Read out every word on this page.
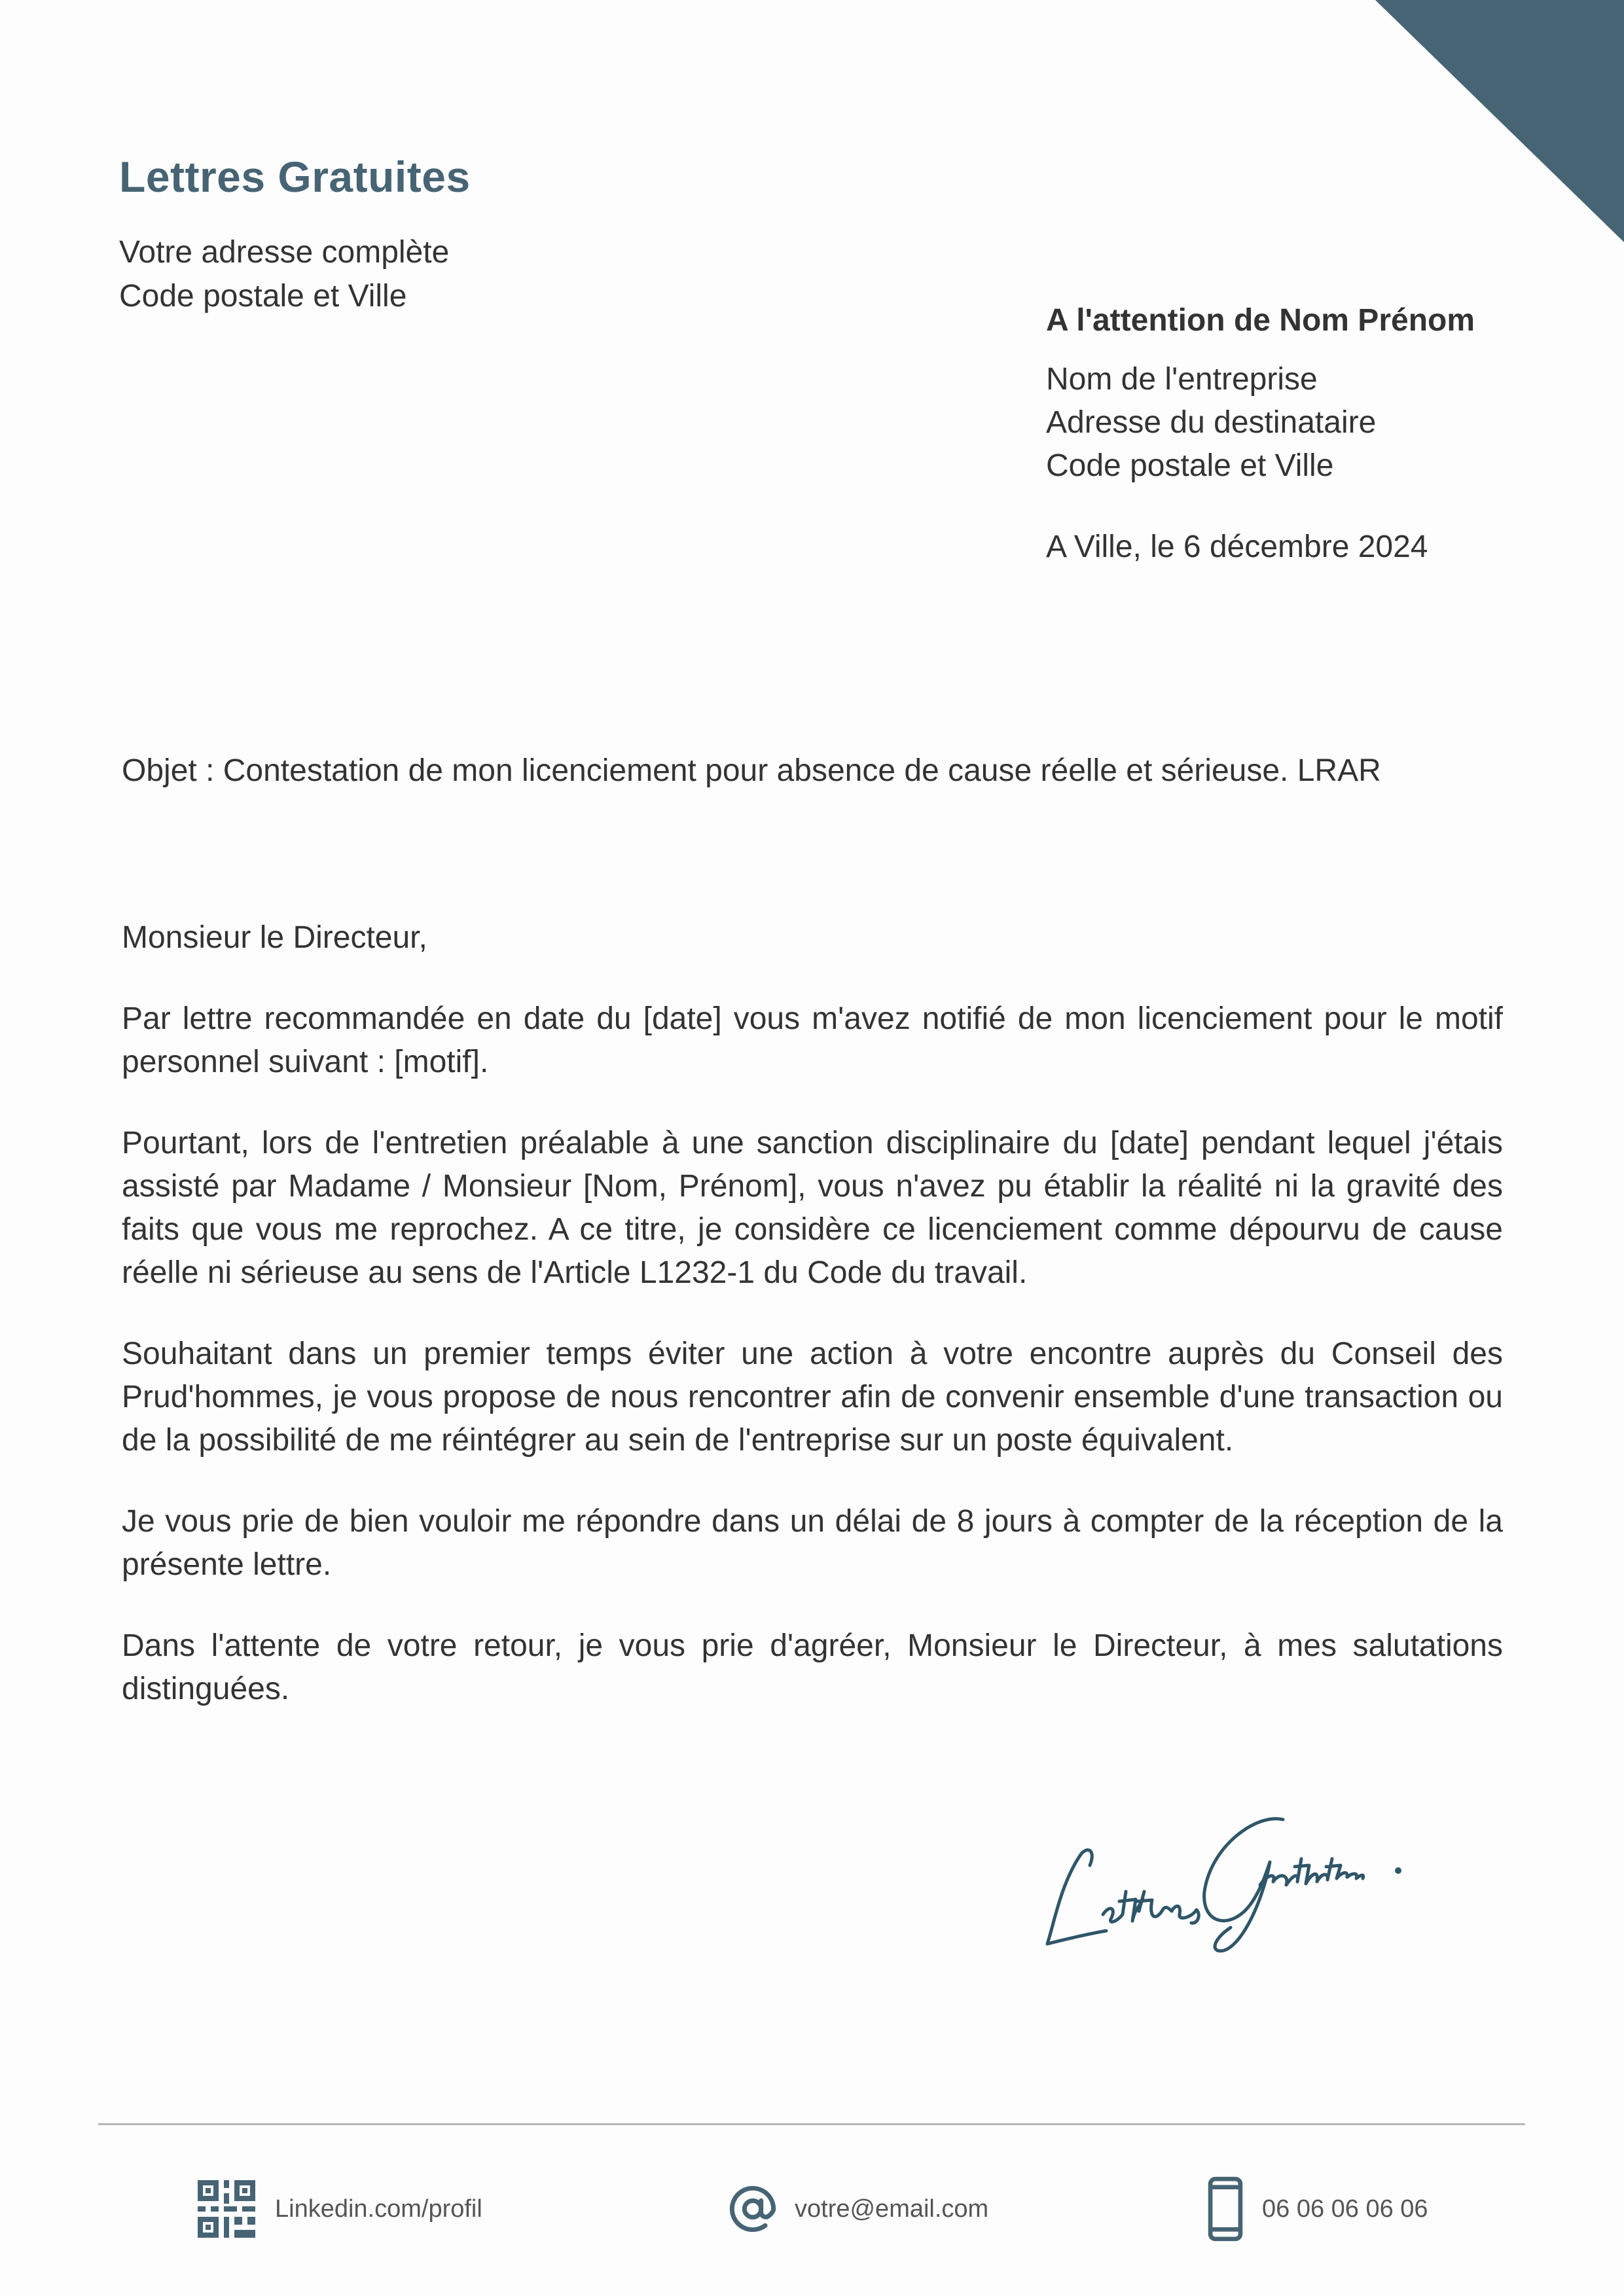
Lettres Gratuites
Votre adresse complète
Code postale et Ville
A l'attention de Nom Prénom
Nom de l'entreprise
Adresse du destinataire
Code postale et Ville
A Ville, le 6 décembre 2024
Objet : Contestation de mon licenciement pour absence de cause réelle et sérieuse. LRAR

Monsieur le Directeur,

Par lettre recommandée en date du [date] vous m'avez notifié de mon licenciement pour le motif personnel suivant : [motif].

Pourtant, lors de l'entretien préalable à une sanction disciplinaire du [date] pendant lequel j'étais assisté par Madame / Monsieur [Nom, Prénom], vous n'avez pu établir la réalité ni la gravité des faits que vous me reprochez. A ce titre, je considère ce licenciement comme dépourvu de cause réelle ni sérieuse au sens de l'Article L1232-1 du Code du travail.

Souhaitant dans un premier temps éviter une action à votre encontre auprès du Conseil des Prud'hommes, je vous propose de nous rencontrer afin de convenir ensemble d'une transaction ou de la possibilité de me réintégrer au sein de l'entreprise sur un poste équivalent.

Je vous prie de bien vouloir me répondre dans un délai de 8 jours à compter de la réception de la présente lettre.

Dans l'attente de votre retour, je vous prie d'agréer, Monsieur le Directeur, à mes salutations distinguées.

Linkedin.com/profil	votre@email.com	06 06 06 06 06
